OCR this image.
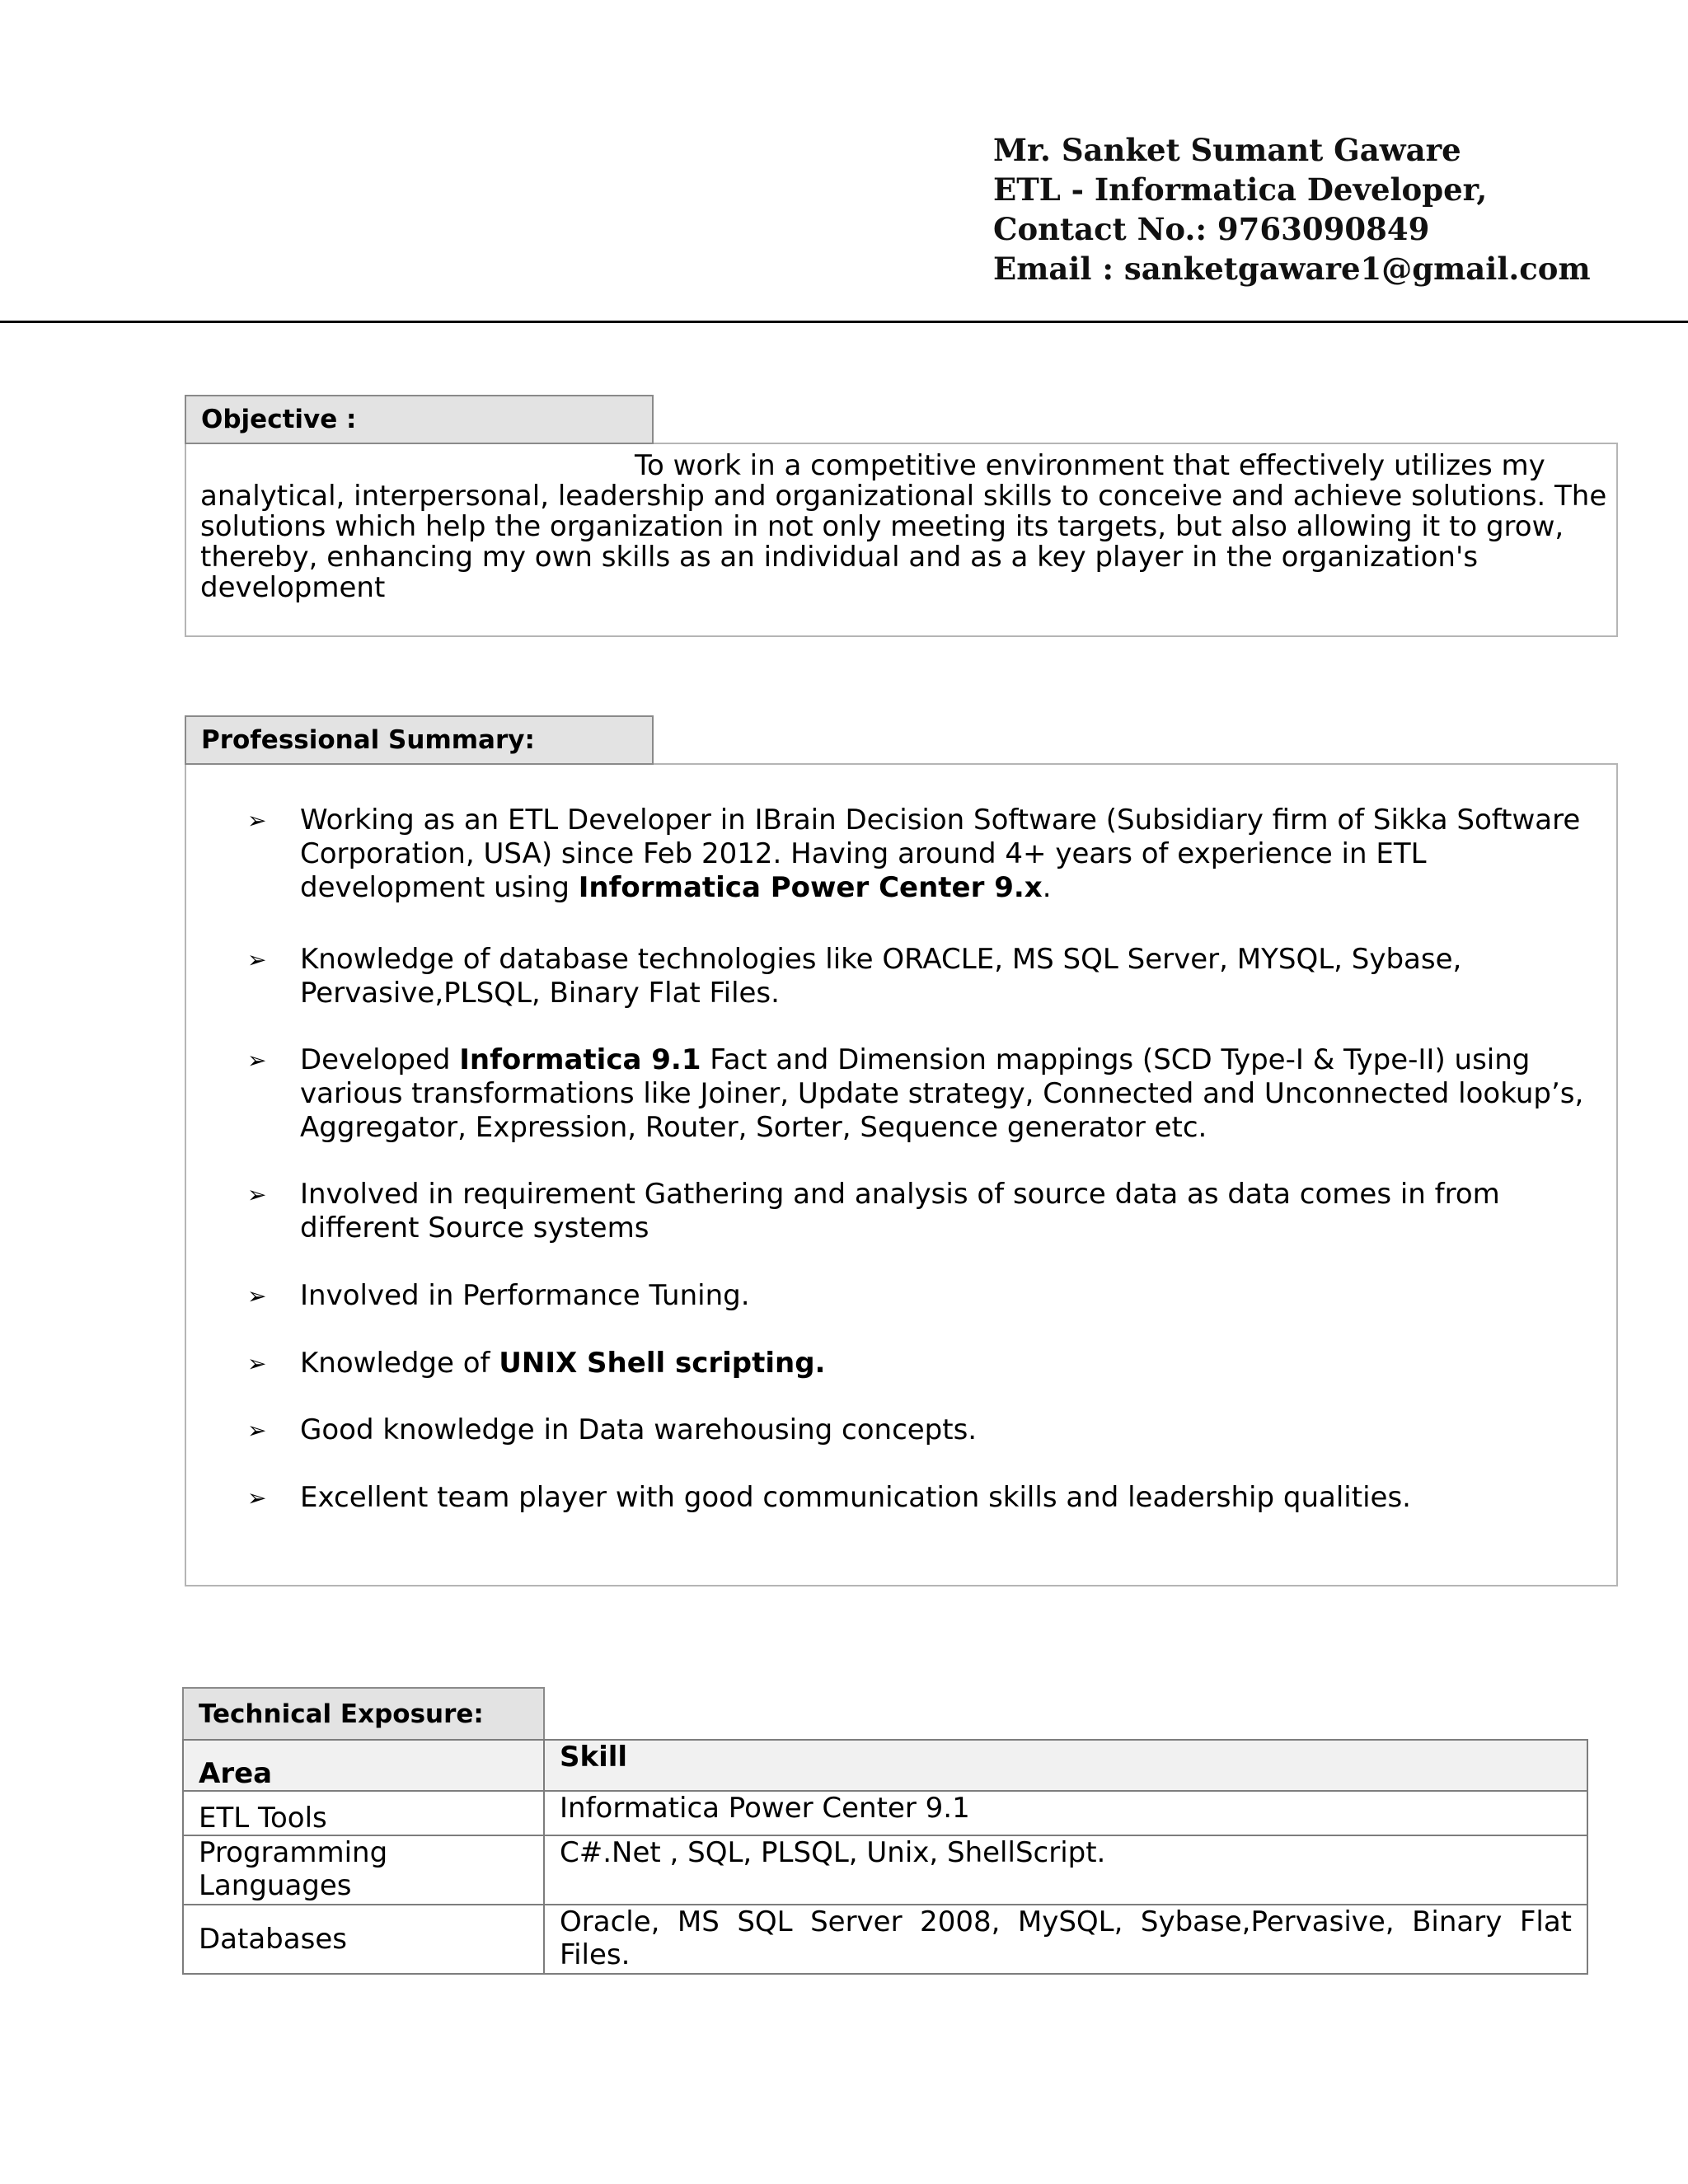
Mr. Sanket Sumant Gaware
ETL - Informatica Developer,
Contact No.: 9763090849
Email : sanketgaware1@gmail.com
Objective :
To work in a competitive environment that effectively utilizes my
analytical, interpersonal, leadership and organizational skills to conceive and achieve solutions. The
solutions which help the organization in not only meeting its targets, but also allowing it to grow,
thereby, enhancing my own skills as an individual and as a key player in the organization's
development
Professional Summary:
➢	Working as an ETL Developer in IBrain Decision Software (Subsidiary firm of Sikka Software
Corporation, USA) since Feb 2012. Having around 4+ years of experience in ETL
development using Informatica Power Center 9.x.
➢	Knowledge of database technologies like ORACLE, MS SQL Server, MYSQL, Sybase,
Pervasive,PLSQL, Binary Flat Files.
➢	Developed Informatica 9.1 Fact and Dimension mappings (SCD Type-I & Type-II) using
various transformations like Joiner, Update strategy, Connected and Unconnected lookup’s,
Aggregator, Expression, Router, Sorter, Sequence generator etc.
➢	Involved in requirement Gathering and analysis of source data as data comes in from
different Source systems
➢	Involved in Performance Tuning.
➢	Knowledge of UNIX Shell scripting.
➢	Good knowledge in Data warehousing concepts.
➢	Excellent team player with good communication skills and leadership qualities.
Technical Exposure:
Area	Skill
ETL Tools	Informatica Power Center 9.1

Programming
Languages	C#.Net , SQL, PLSQL, Unix, ShellScript.
Databases	Oracle, MS SQL Server 2008, MySQL, Sybase,Pervasive, Binary Flat Files.
